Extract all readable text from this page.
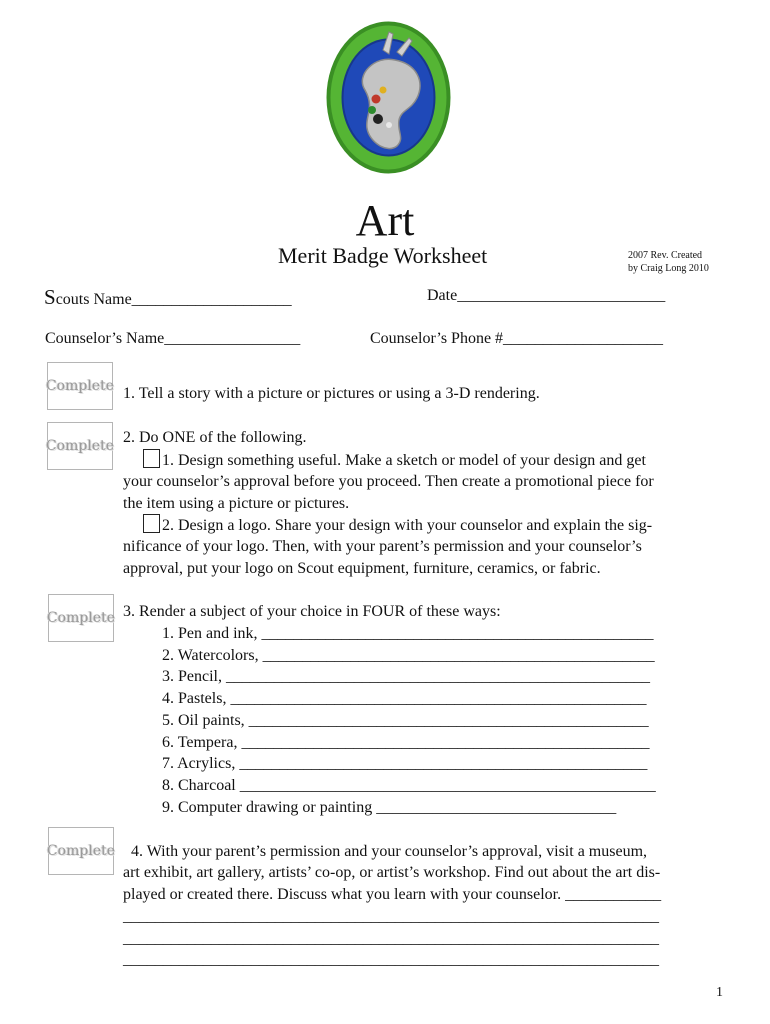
Art
Merit Badge Worksheet	2007 Rev. Created
by Craig Long 2010
Scouts Name____________________	Date__________________________
Counselor’s Name_________________	Counselor’s Phone #____________________
Complete
Complete
Complete
Complete
1. Tell a story with a picture or pictures or using a 3-D rendering.
2. Do ONE of the following.
1. Design something useful. Make a sketch or model of your design and get
your counselor’s approval before you proceed. Then create a promotional piece for
the item using a picture or pictures.
2. Design a logo. Share your design with your counselor and explain the sig-
nificance of your logo. Then, with your parent’s permission and your counselor’s
approval, put your logo on Scout equipment, furniture, ceramics, or fabric.
3. Render a subject of your choice in FOUR of these ways:
1. Pen and ink, _________________________________________________
2. Watercolors, _________________________________________________
3. Pencil, _____________________________________________________
4. Pastels, ____________________________________________________
5. Oil paints, __________________________________________________
6. Tempera, ___________________________________________________
7. Acrylics, ___________________________________________________
8. Charcoal ____________________________________________________
9. Computer drawing or painting ______________________________
4. With your parent’s permission and your counselor’s approval, visit a museum,
art exhibit, art gallery, artists’ co-op, or artist’s workshop. Find out about the art dis-
played or created there. Discuss what you learn with your counselor. ____________
___________________________________________________________________
___________________________________________________________________
___________________________________________________________________
1
